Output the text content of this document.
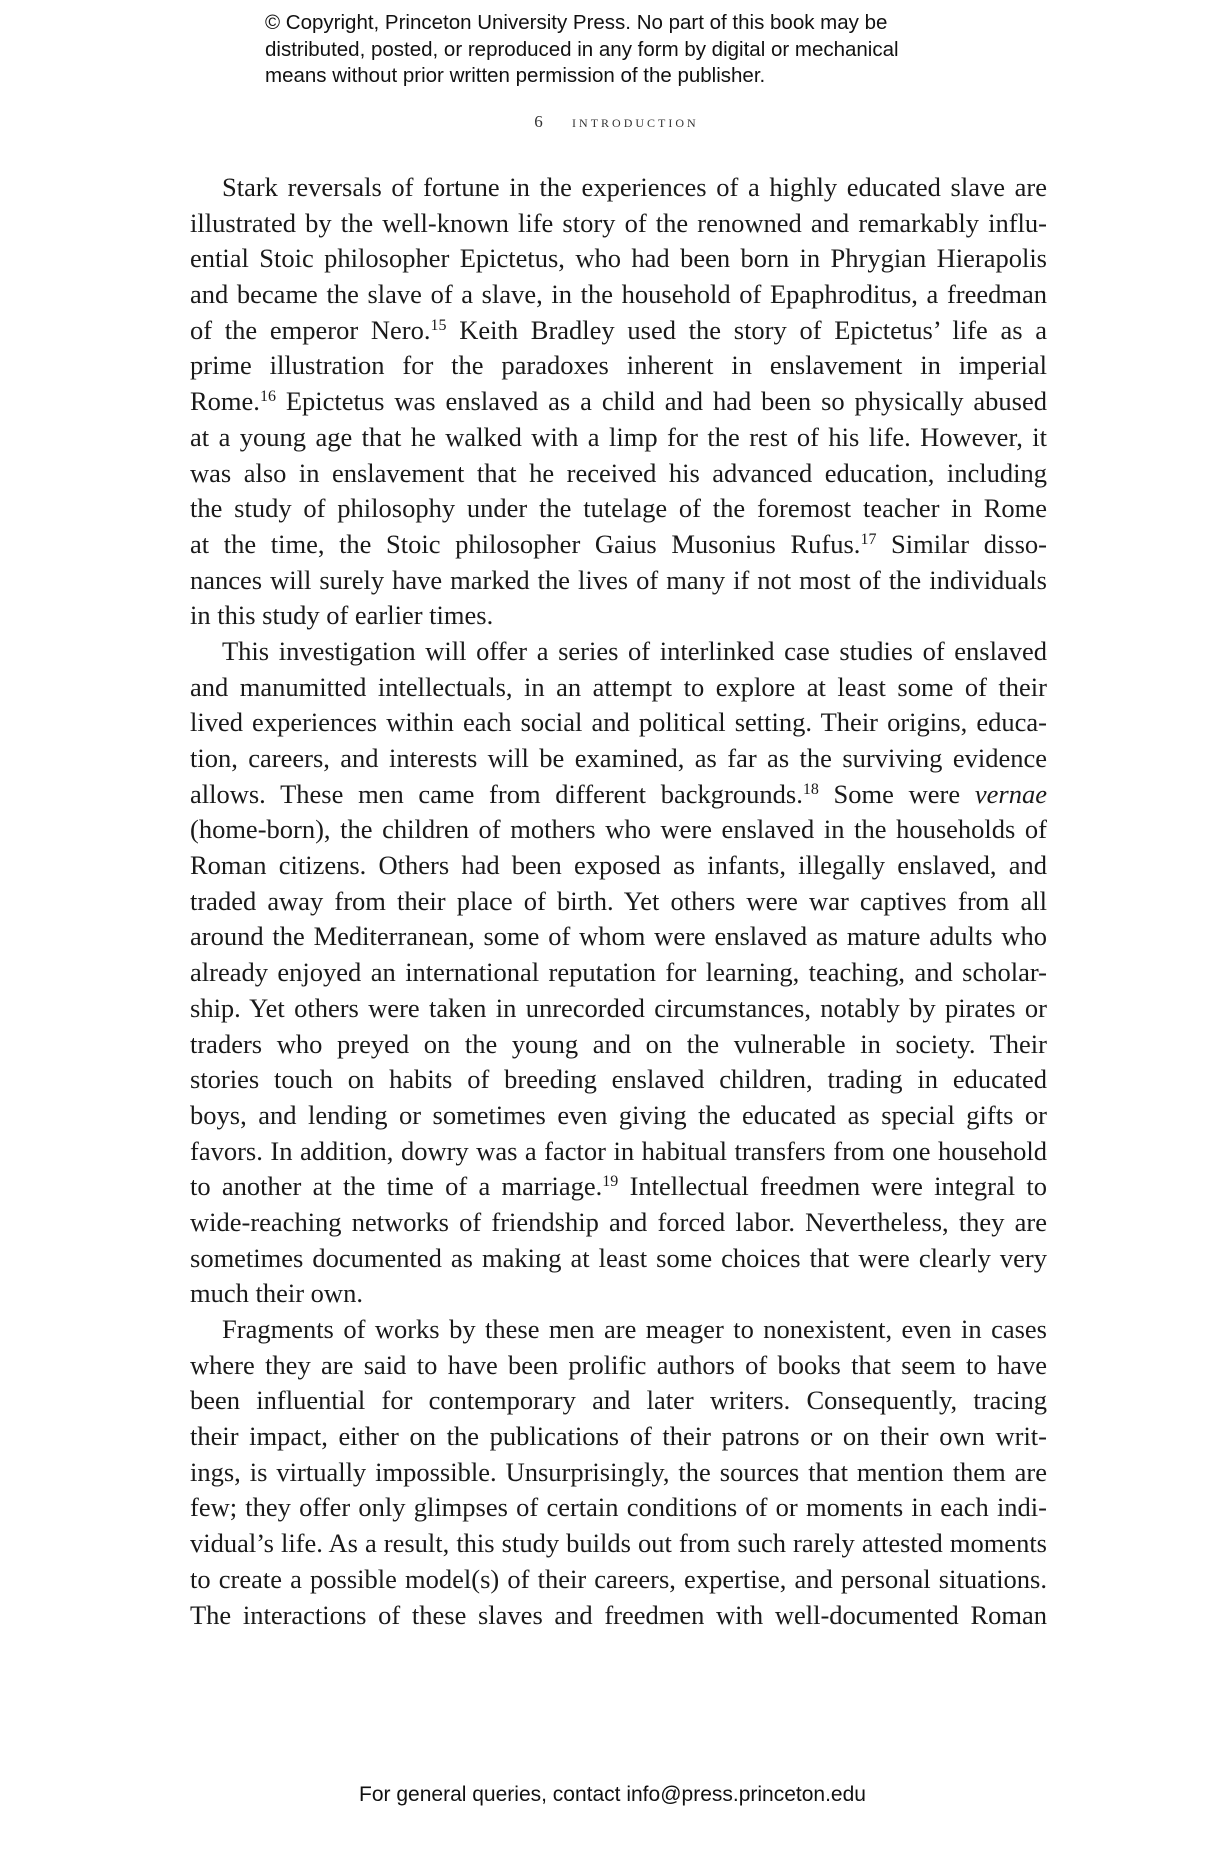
© Copyright, Princeton University Press. No part of this book may be
distributed, posted, or reproduced in any form by digital or mechanical
means without prior written permission of the publisher.
6 introduction
Stark reversals of fortune in the experiences of a highly educated slave are
illustrated by the well-known life story of the renowned and remarkably influ-
ential Stoic philosopher Epictetus, who had been born in Phrygian Hierapolis
and became the slave of a slave, in the household of Epaphroditus, a freedman
of the emperor Nero.$^{15}$ Keith Bradley used the story of Epictetus’ life as a
prime illustration for the paradoxes inherent in enslavement in imperial
Rome.$^{16}$ Epictetus was enslaved as a child and had been so physically abused
at a young age that he walked with a limp for the rest of his life. However, it
was also in enslavement that he received his advanced education, including
the study of philosophy under the tutelage of the foremost teacher in Rome
at the time, the Stoic philosopher Gaius Musonius Rufus.$^{17}$ Similar disso-
nances will surely have marked the lives of many if not most of the individuals
in this study of earlier times.
This investigation will offer a series of interlinked case studies of enslaved
and manumitted intellectuals, in an attempt to explore at least some of their
lived experiences within each social and political setting. Their origins, educa-
tion, careers, and interests will be examined, as far as the surviving evidence
allows. These men came from different backgrounds.$^{18}$ Some were vernae
(home-born), the children of mothers who were enslaved in the households of
Roman citizens. Others had been exposed as infants, illegally enslaved, and
traded away from their place of birth. Yet others were war captives from all
around the Mediterranean, some of whom were enslaved as mature adults who
already enjoyed an international reputation for learning, teaching, and scholar-
ship. Yet others were taken in unrecorded circumstances, notably by pirates or
traders who preyed on the young and on the vulnerable in society. Their
stories touch on habits of breeding enslaved children, trading in educated
boys, and lending or sometimes even giving the educated as special gifts or
favors. In addition, dowry was a factor in habitual transfers from one household
to another at the time of a marriage.$^{19}$ Intellectual freedmen were integral to
wide-reaching networks of friendship and forced labor. Nevertheless, they are
sometimes documented as making at least some choices that were clearly very
much their own.
Fragments of works by these men are meager to nonexistent, even in cases
where they are said to have been prolific authors of books that seem to have
been influential for contemporary and later writers. Consequently, tracing
their impact, either on the publications of their patrons or on their own writ-
ings, is virtually impossible. Unsurprisingly, the sources that mention them are
few; they offer only glimpses of certain conditions of or moments in each indi-
vidual’s life. As a result, this study builds out from such rarely attested moments
to create a possible model(s) of their careers, expertise, and personal situations.
The interactions of these slaves and freedmen with well-documented Roman
For general queries, contact info@press.princeton.edu
